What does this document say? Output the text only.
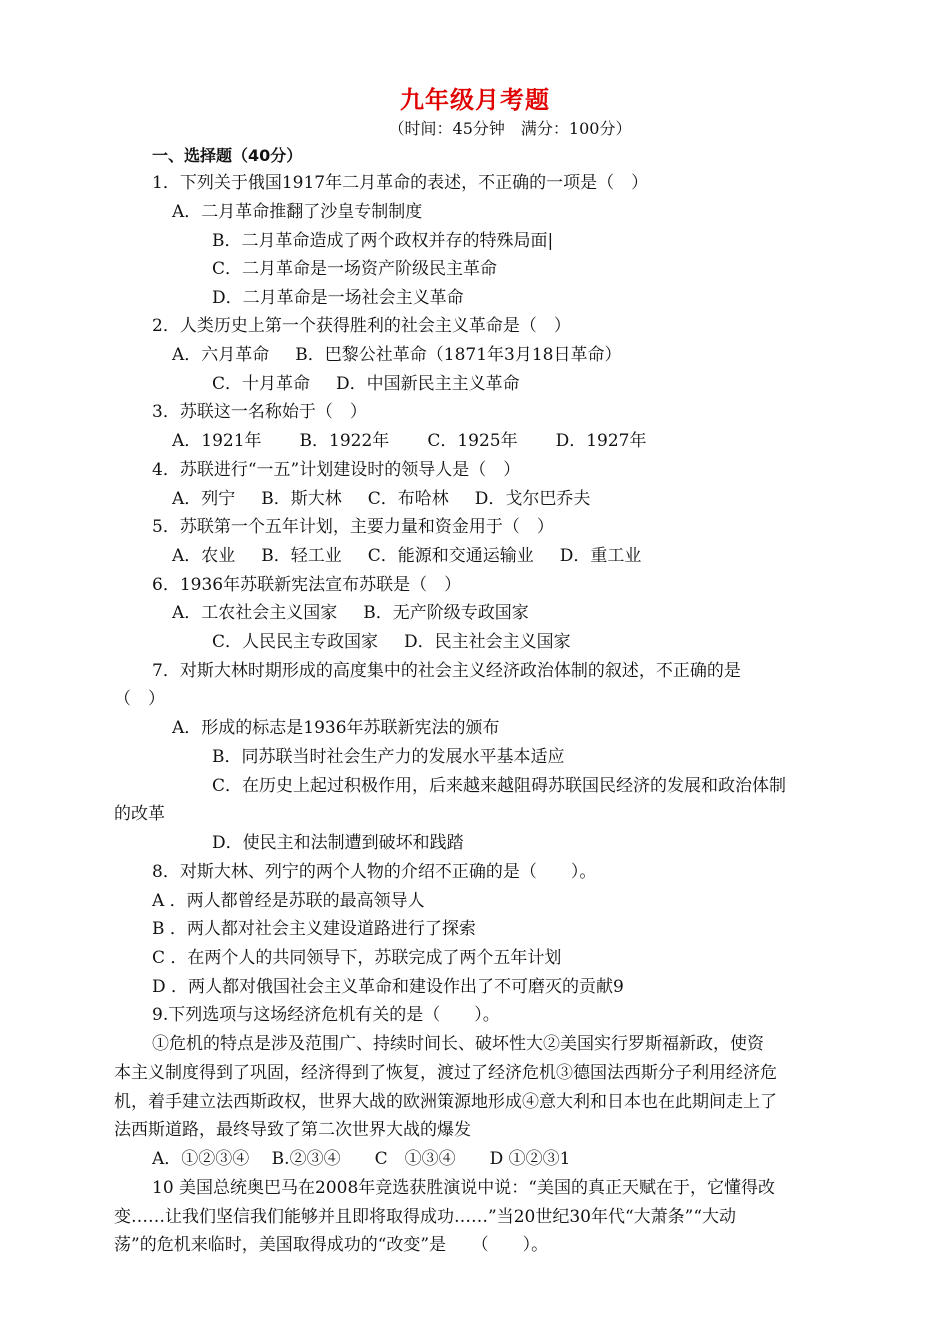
九年级月考题
（时间：45分钟　满分：100分）
一、选择题（40分）
1．下列关于俄国1917年二月革命的表述，不正确的一项是（　）
A．二月革命推翻了沙皇专制制度
B．二月革命造成了两个政权并存的特殊局面|
C．二月革命是一场资产阶级民主革命
D．二月革命是一场社会主义革命
2．人类历史上第一个获得胜利的社会主义革命是（　）
A．六月革命 B．巴黎公社革命（1871年3月18日革命）
C．十月革命 D．中国新民主主义革命
3．苏联这一名称始于（　）
A．1921年 B．1922年 C．1925年 D．1927年
4．苏联进行“一五”计划建设时的领导人是（　）
A．列宁 B．斯大林 C．布哈林 D．戈尔巴乔夫
5．苏联第一个五年计划，主要力量和资金用于（　）
A．农业 B．轻工业 C．能源和交通运输业 D．重工业
6．1936年苏联新宪法宣布苏联是（　）
A．工农社会主义国家 B．无产阶级专政国家
C．人民民主专政国家 D．民主社会主义国家
7．对斯大林时期形成的高度集中的社会主义经济政治体制的叙述，不正确的是
（　）
A．形成的标志是1936年苏联新宪法的颁布
B．同苏联当时社会生产力的发展水平基本适应
C．在历史上起过积极作用，后来越来越阻碍苏联国民经济的发展和政治体制
的改革
D．使民主和法制遭到破坏和践踏
8．对斯大林、列宁的两个人物的介绍不正确的是（　　）。
A ．两人都曾经是苏联的最高领导人
B ．两人都对社会主义建设道路进行了探索
C ．在两个人的共同领导下，苏联完成了两个五年计划
D ．两人都对俄国社会主义革命和建设作出了不可磨灭的贡献9
9.下列选项与这场经济危机有关的是（　　）。
①危机的特点是涉及范围广、持续时间长、破坏性大②美国实行罗斯福新政，使资
本主义制度得到了巩固，经济得到了恢复，渡过了经济危机③德国法西斯分子利用经济危
机，着手建立法西斯政权，世界大战的欧洲策源地形成④意大利和日本也在此期间走上了
法西斯道路，最终导致了第二次世界大战的爆发
A．①②③④　 B.②③④　　C　①③④　　D ①②③1
10 美国总统奥巴马在2008年竞选获胜演说中说：“美国的真正天赋在于，它懂得改
变……让我们坚信我们能够并且即将取得成功……”当20世纪30年代“大萧条”“大动
荡”的危机来临时，美国取得成功的“改变”是　　（　　）。
